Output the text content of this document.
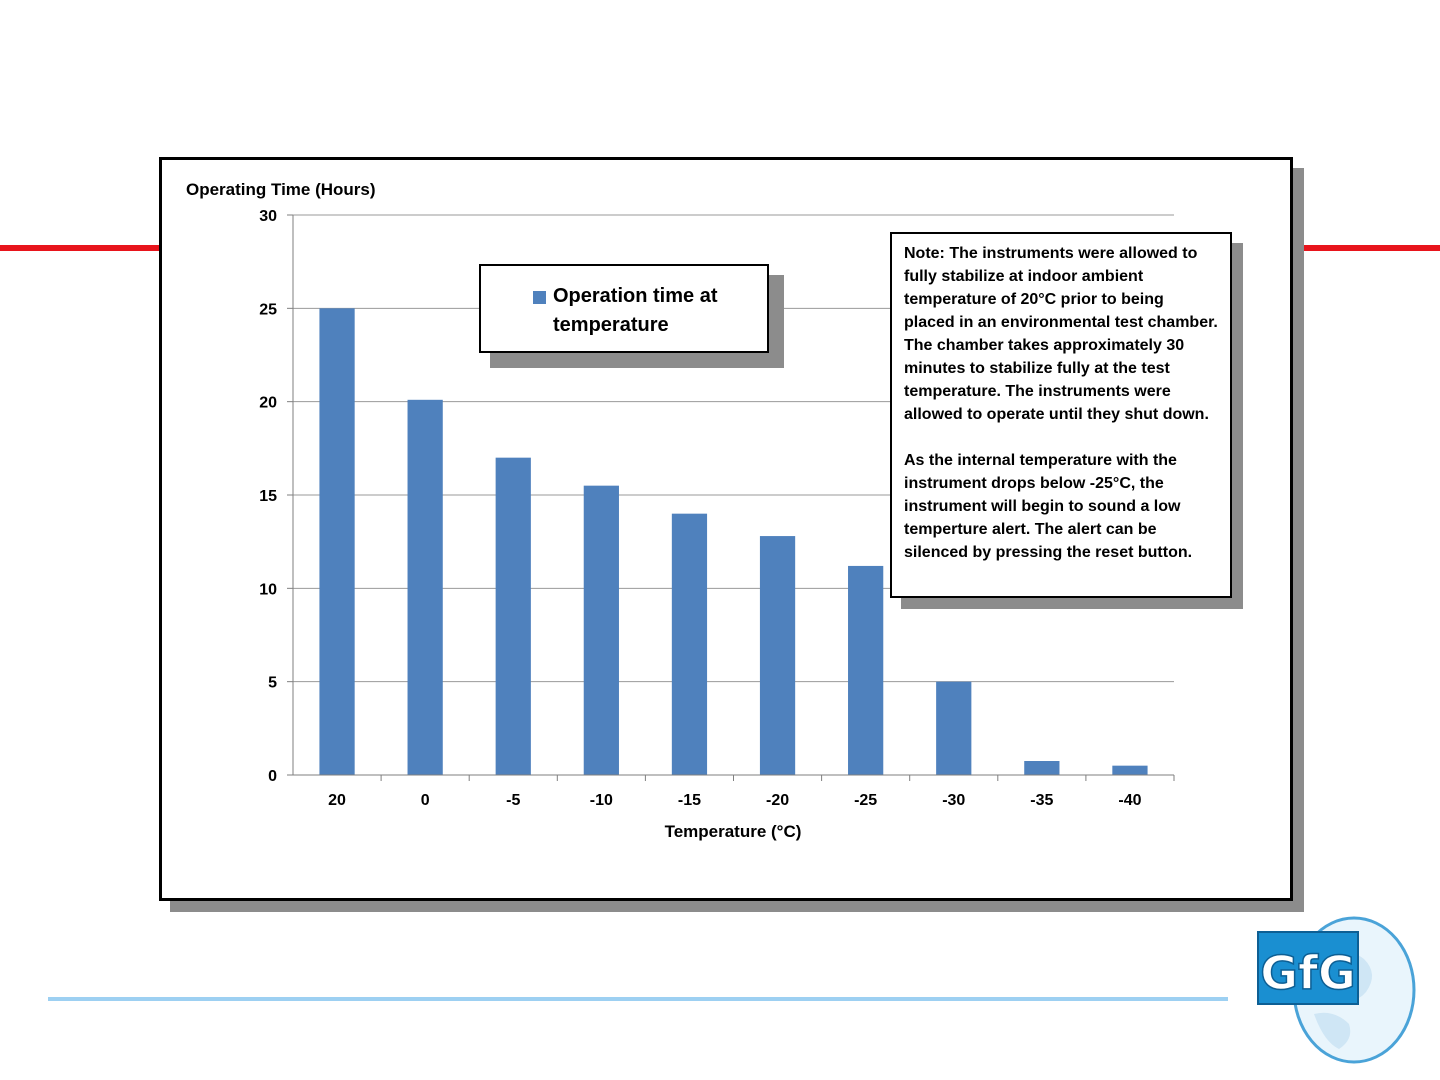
0
5
10
15
20
25
30
20	0	-5	-10	-15	-20	-25	-30	-35	-40
Operating Time (Hours)
Temperature (°C)
Operation time at temperature

Note: The instruments were allowed to fully stabilize at indoor ambient temperature of 20°C prior to being placed in an environmental test chamber. The chamber takes approximately 30 minutes to stabilize fully at the test temperature. The instruments were allowed to operate until they shut down.

As the internal temperature with the instrument drops below -25°C, the instrument will begin to sound a low temperture alert. The alert can be silenced by pressing the reset button.

GfG
